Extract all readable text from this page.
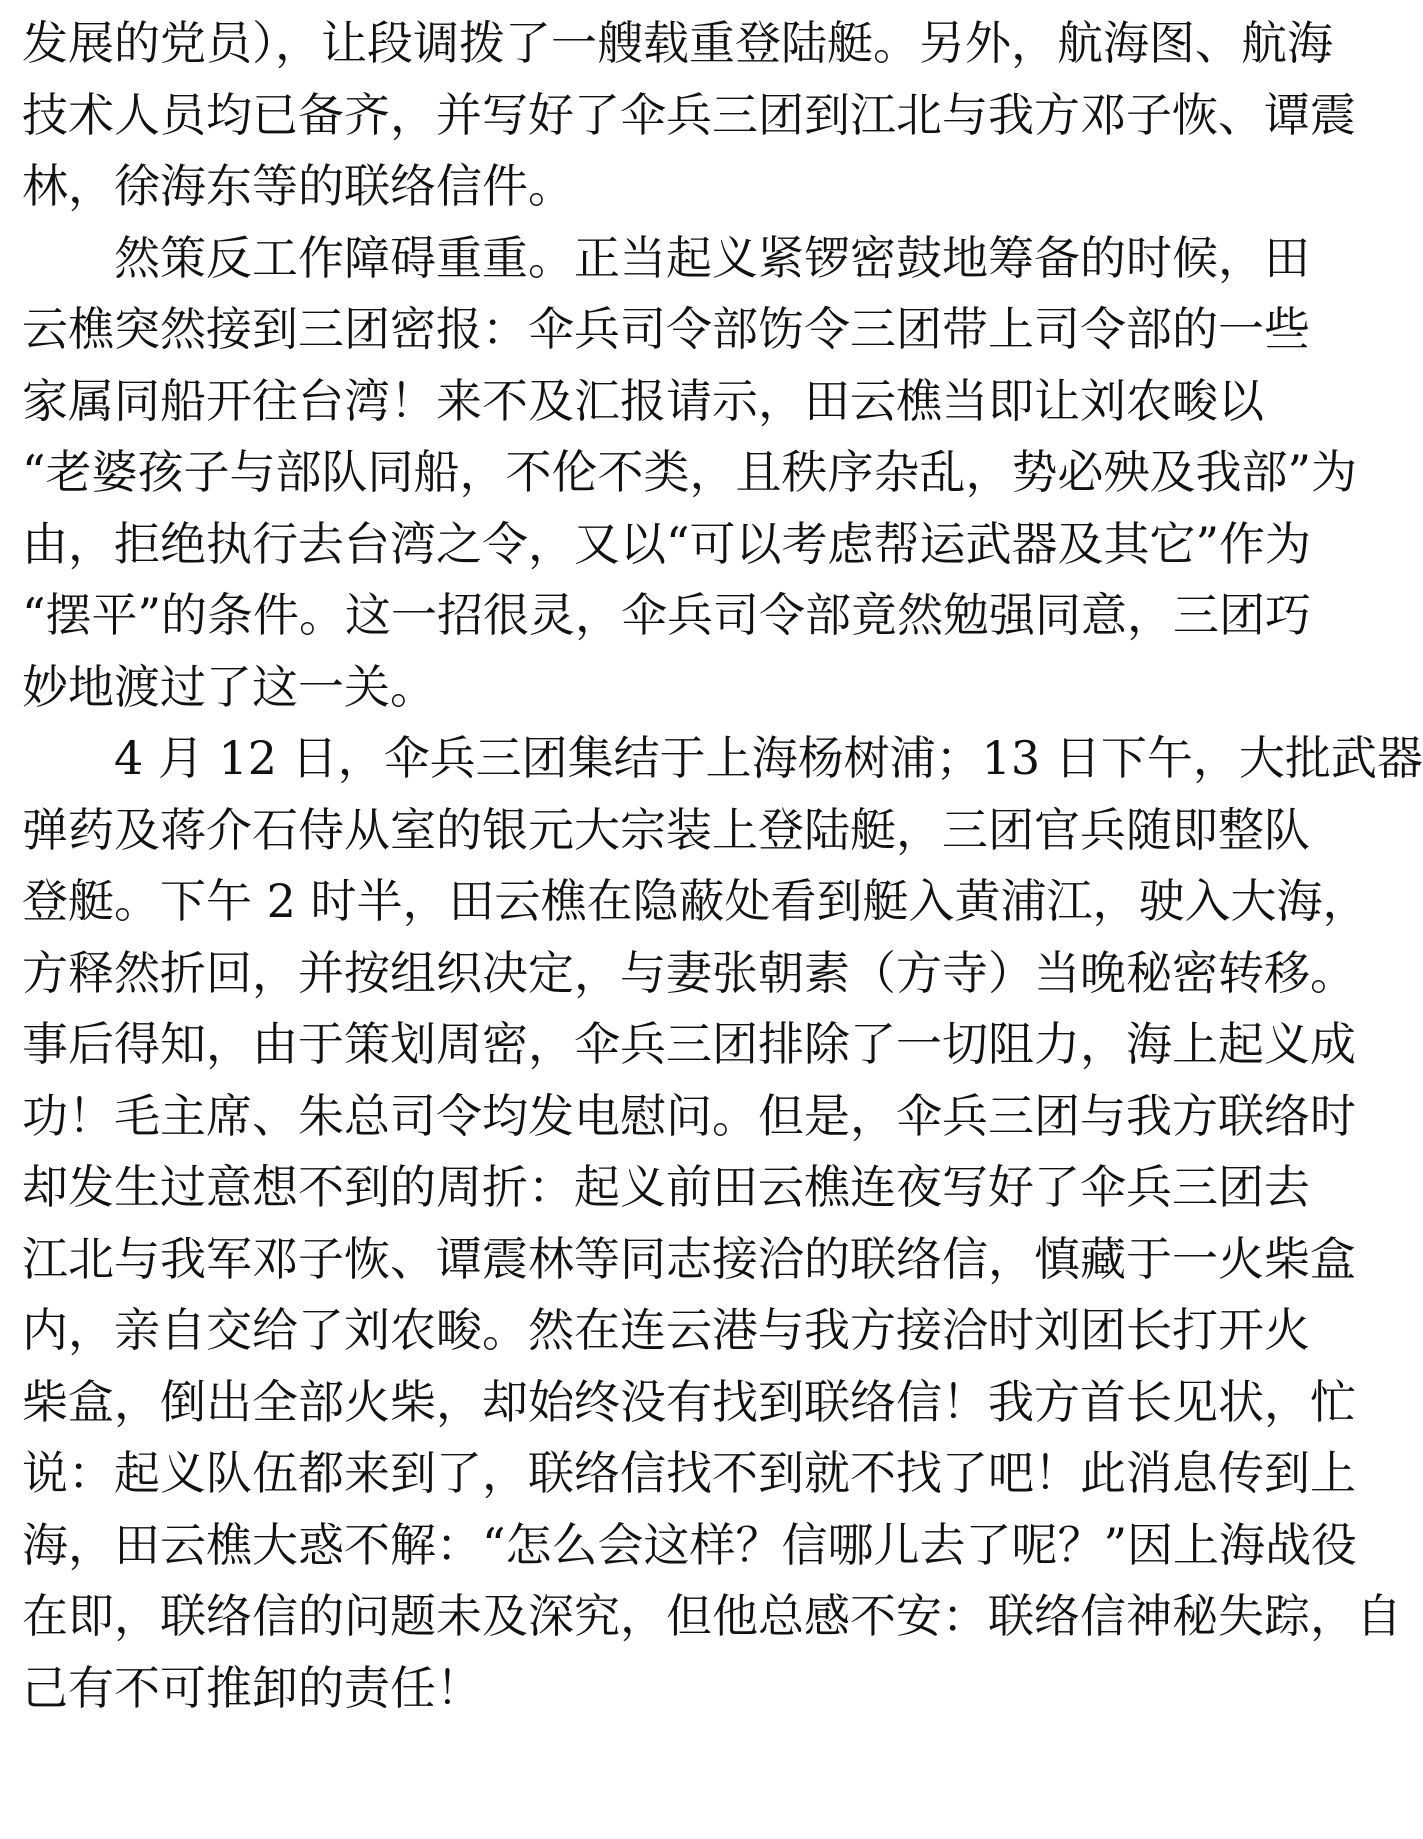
发展的党员），让段调拨了一艘载重登陆艇。另外，航海图、航海
技术人员均已备齐，并写好了伞兵三团到江北与我方邓子恢、谭震
林，徐海东等的联络信件。
　　然策反工作障碍重重。正当起义紧锣密鼓地筹备的时候，田
云樵突然接到三团密报：伞兵司令部饬令三团带上司令部的一些
家属同船开往台湾！来不及汇报请示，田云樵当即让刘农畯以
“老婆孩子与部队同船，不伦不类，且秩序杂乱，势必殃及我部”为
由，拒绝执行去台湾之令，又以“可以考虑帮运武器及其它”作为
“摆平”的条件。这一招很灵，伞兵司令部竟然勉强同意，三团巧
妙地渡过了这一关。
　　4 月 12 日，伞兵三团集结于上海杨树浦；13 日下午，大批武器
弹药及蒋介石侍从室的银元大宗装上登陆艇，三团官兵随即整队
登艇。下午 2 时半，田云樵在隐蔽处看到艇入黄浦江，驶入大海，
方释然折回，并按组织决定，与妻张朝素（方寺）当晚秘密转移。
事后得知，由于策划周密，伞兵三团排除了一切阻力，海上起义成
功！毛主席、朱总司令均发电慰问。但是，伞兵三团与我方联络时
却发生过意想不到的周折：起义前田云樵连夜写好了伞兵三团去
江北与我军邓子恢、谭震林等同志接洽的联络信，慎藏于一火柴盒
内，亲自交给了刘农畯。然在连云港与我方接洽时刘团长打开火
柴盒，倒出全部火柴，却始终没有找到联络信！我方首长见状，忙
说：起义队伍都来到了，联络信找不到就不找了吧！此消息传到上
海，田云樵大惑不解：“怎么会这样？信哪儿去了呢？”因上海战役
在即，联络信的问题未及深究，但他总感不安：联络信神秘失踪，自
己有不可推卸的责任！
